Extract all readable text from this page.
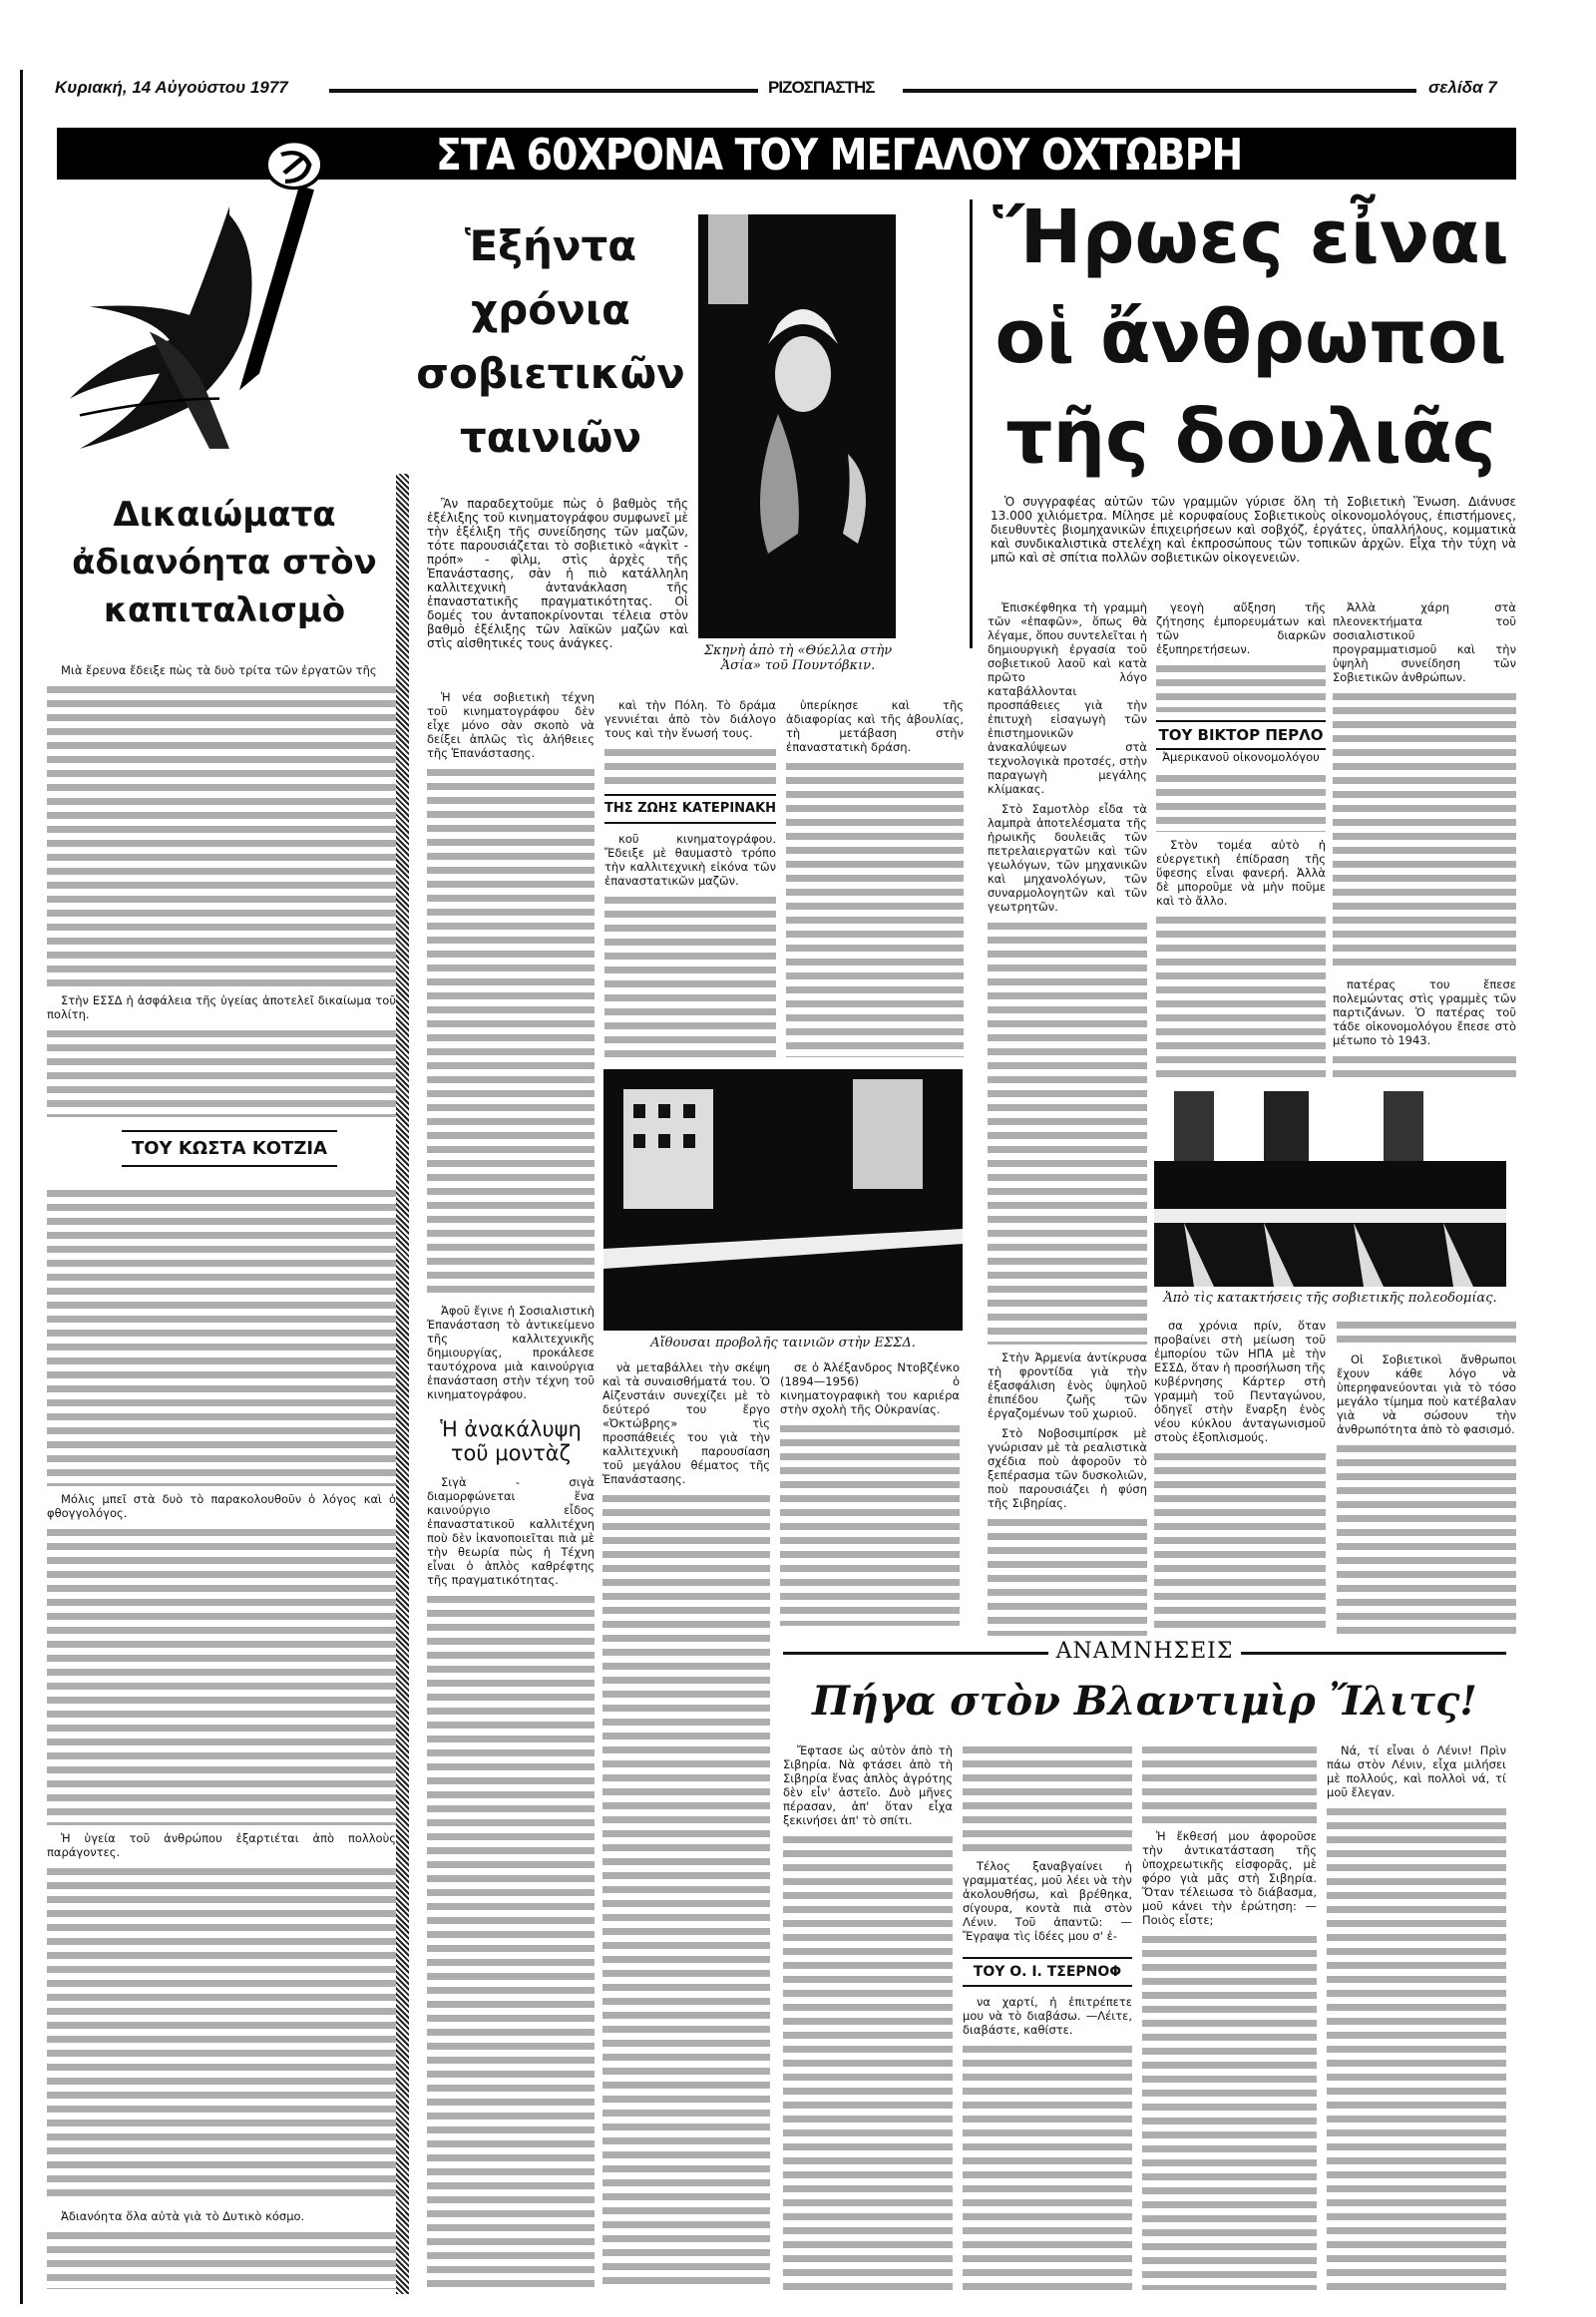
Κυριακή, 14 Αὐγούστου 1977	ΡΙΖΟΣΠΑΣΤΗΣ	σελίδα 7
ΣΤΑ 60ΧΡΟΝΑ ΤΟΥ ΜΕΓΑΛΟΥ ΟΧΤΩΒΡΗ
Δικαιώματα
ἀδιανόητα στὸν
καπιταλισμὸ

Μιὰ ἔρευνα ἔδειξε πὼς τὰ δυὸ τρίτα τῶν ἐργατῶν τῆς

Στὴν ΕΣΣΔ ἡ ἀσφάλεια τῆς ὑγείας ἀποτελεῖ δικαίωμα τοῦ πολίτη.

ΤΟΥ ΚΩΣΤΑ ΚΟΤΖΙΑ

Μόλις μπεῖ στὰ δυὸ τὸ παρακολουθοῦν ὁ λόγος καὶ ὁ φθογγολόγος.

Ἡ ὑγεία τοῦ ἀνθρώπου ἐξαρτιέται ἀπὸ πολλοὺς παράγοντες.

Ἀδιανόητα ὅλα αὐτὰ γιὰ τὸ Δυτικὸ κόσμο.

Ἑξήντα
χρόνια
σοβιετικῶν
ταινιῶν

Ἂν παραδεχτοῦμε πὼς ὁ βαθμὸς τῆς ἐξέλιξης τοῦ κινηματογράφου συμφωνεῖ μὲ τὴν ἐξέλιξη τῆς συνείδησης τῶν μαζῶν, τότε παρουσιάζεται τὸ σοβιετικὸ «ἀγκὶτ - πρόπ» - φὶλμ, στὶς ἀρχὲς τῆς Ἐπανάστασης, σὰν ἡ πιὸ κατάλληλη καλλιτεχνικὴ ἀντανάκλαση τῆς ἐπαναστατικῆς πραγματικότητας. Οἱ δομές του ἀνταποκρίνονται τέλεια στὸν βαθμὸ ἐξέλιξης τῶν λαϊκῶν μαζῶν καὶ στὶς αἰσθητικές τους ἀνάγκες.	Σκηνὴ ἀπὸ τὴ «Θύελλα στὴν Ἀσία» τοῦ Πουντόβκιν.

Ἡ νέα σοβιετικὴ τέχνη τοῦ κινηματογράφου δὲν εἶχε μόνο σὰν σκοπὸ νὰ δείξει ἁπλῶς τὶς ἀλήθειες τῆς Ἐπανάστασης.

Ἀφοῦ ἔγινε ἡ Σοσιαλιστικὴ Ἐπανάσταση τὸ ἀντικείμενο τῆς καλλιτεχνικῆς δημιουργίας, προκάλεσε ταυτόχρονα μιὰ καινούργια ἐπανάσταση στὴν τέχνη τοῦ κινηματογράφου.

Ἡ ἀνακάλυψη τοῦ μοντὰζ

Σιγὰ - σιγὰ διαμορφώνεται ἕνα καινούργιο εἶδος ἐπαναστατικοῦ καλλιτέχνη ποὺ δὲν ἱκανοποιεῖται πιὰ μὲ τὴν θεωρία πὼς ἡ Τέχνη εἶναι ὁ ἁπλὸς καθρέφτης τῆς πραγματικότητας.

καὶ τὴν Πόλη. Τὸ δράμα γεννιέται ἀπὸ τὸν διάλογο τους καὶ τὴν ἕνωσή τους.

ΤΗΣ ΖΩΗΣ ΚΑΤΕΡΙΝΑΚΗ

κοῦ κινηματογράφου. Ἔδειξε μὲ θαυμαστὸ τρόπο τὴν καλλιτεχνικὴ εἰκόνα τῶν ἐπαναστατικῶν μαζῶν.

ὑπερίκησε καὶ τῆς ἀδιαφορίας καὶ τῆς ἀβουλίας, τὴ μετάβαση στὴν ἐπαναστατικὴ δράση.

Αἴθουσαι προβολῆς ταινιῶν στὴν ΕΣΣΔ.

νὰ μεταβάλλει τὴν σκέψη καὶ τὰ συναισθήματά του. Ὁ Αἰζενστάιν συνεχίζει μὲ τὸ δεύτερό του ἔργο «Ὀκτώβρης» τὶς προσπάθειές του γιὰ τὴν καλλιτεχνικὴ παρουσίαση τοῦ μεγάλου θέματος τῆς Ἐπανάστασης.

σε ὁ Ἀλέξανδρος Ντοβζένκο (1894—1956) ὁ κινηματογραφικὴ του καριέρα στὴν σχολὴ τῆς Οὐκρανίας.

Ἥρωες εἶναι
οἱ ἄνθρωποι
τῆς δουλιᾶς

Ὁ συγγραφέας αὐτῶν τῶν γραμμῶν γύρισε ὅλη τὴ Σοβιετικὴ Ἕνωση. Διάνυσε 13.000 χιλιόμετρα. Μίλησε μὲ κορυφαίους Σοβιετικοὺς οἰκονομολόγους, ἐπιστήμονες, διευθυντὲς βιομηχανικῶν ἐπιχειρήσεων καὶ σοβχόζ, ἐργάτες, ὑπαλλήλους, κομματικὰ καὶ συνδικαλιστικὰ στελέχη καὶ ἐκπροσώπους τῶν τοπικῶν ἀρχῶν. Εἶχα τὴν τύχη νὰ μπῶ καὶ σὲ σπίτια πολλῶν σοβιετικῶν οἰκογενειῶν.

Ἐπισκέφθηκα τὴ γραμμὴ τῶν «ἐπαφῶν», ὅπως θὰ λέγαμε, ὅπου συντελεῖται ἡ δημιουργικὴ ἐργασία τοῦ σοβιετικοῦ λαοῦ καὶ κατὰ πρῶτο λόγο καταβάλλονται προσπάθειες γιὰ τὴν ἐπιτυχὴ εἰσαγωγὴ τῶν ἐπιστημονικῶν ἀνακαλύψεων στὰ τεχνολογικὰ προτσές, στὴν παραγωγὴ μεγάλης κλίμακας.

Στὸ Σαμοτλὸρ εἶδα τὰ λαμπρὰ ἀποτελέσματα τῆς ἡρωικῆς δουλειᾶς τῶν πετρελαιεργατῶν καὶ τῶν γεωλόγων, τῶν μηχανικῶν καὶ μηχανολόγων, τῶν συναρμολογητῶν καὶ τῶν γεωτρητῶν.

Στὴν Ἀρμενία ἀντίκρυσα τὴ φροντίδα γιὰ τὴν ἐξασφάλιση ἑνὸς ὑψηλοῦ ἐπιπέδου ζωῆς τῶν ἐργαζομένων τοῦ χωριοῦ.

Στὸ Νοβοσιμπίρσκ μὲ γνώρισαν μὲ τὰ ρεαλιστικὰ σχέδια ποὺ ἀφοροῦν τὸ ξεπέρασμα τῶν δυσκολιῶν, ποὺ παρουσιάζει ἡ φύση τῆς Σιβηρίας.

γεογὴ αὔξηση τῆς ζήτησης ἐμπορευμάτων καὶ τῶν διαρκῶν ἐξυπηρετήσεων.

ΤΟΥ ΒΙΚΤΟΡ ΠΕΡΛΟ
Ἀμερικανοῦ οἰκονομολόγου

Στὸν τομέα αὐτὸ ἡ εὐεργετικὴ ἐπίδραση τῆς ὕφεσης εἶναι φανερή. Ἀλλὰ δὲ μποροῦμε νὰ μὴν ποῦμε καὶ τὸ ἄλλο.

Ἀλλὰ χάρη στὰ πλεονεκτήματα τοῦ σοσιαλιστικοῦ προγραμματισμοῦ καὶ τὴν ὑψηλὴ συνείδηση τῶν Σοβιετικῶν ἀνθρώπων.

πατέρας του ἔπεσε πολεμώντας στὶς γραμμὲς τῶν παρτιζάνων. Ὁ πατέρας τοῦ τάδε οἰκονομολόγου ἔπεσε στὸ μέτωπο τὸ 1943.

Ἀπὸ τὶς κατακτήσεις τῆς σοβιετικῆς πολεοδομίας.

σα χρόνια πρίν, ὅταν προβαίνει στὴ μείωση τοῦ ἐμπορίου τῶν ΗΠΑ μὲ τὴν ΕΣΣΔ, ὅταν ἡ προσήλωση τῆς κυβέρνησης Κάρτερ στὴ γραμμὴ τοῦ Πενταγώνου, ὁδηγεῖ στὴν ἔναρξη ἑνὸς νέου κύκλου ἀνταγωνισμοῦ στοὺς ἐξοπλισμούς.

Οἱ Σοβιετικοὶ ἄνθρωποι ἔχουν κάθε λόγο νὰ ὑπερηφανεύονται γιὰ τὸ τόσο μεγάλο τίμημα ποὺ κατέβαλαν γιὰ νὰ σώσουν τὴν ἀνθρωπότητα ἀπὸ τὸ φασισμό.

ΑΝΑΜΝΗΣΕΙΣ
Πήγα στὸν Βλαντιμὶρ Ἴλιτς!

Ἔφτασε ὡς αὐτὸν ἀπὸ τὴ Σιβηρία. Νὰ φτάσει ἀπὸ τὴ Σιβηρία ἕνας ἁπλὸς ἀγρότης δὲν εἶν' ἀστεῖο. Δυὸ μῆνες πέρασαν, ἀπ' ὅταν εἶχα ξεκινήσει ἀπ' τὸ σπίτι.

Τέλος ξαναβγαίνει ἡ γραμματέας, μοῦ λέει νὰ τὴν ἀκολουθήσω, καὶ βρέθηκα, σίγουρα, κοντὰ πιὰ στὸν Λένιν. Τοῦ ἀπαντῶ: —Ἔγραψα τὶς ἰδέες μου σ' ἐ-

ΤΟΥ Ο. Ι. ΤΣΕΡΝΟΦ

να χαρτί, ἡ ἐπιτρέπετε μου νὰ τὸ διαβάσω. —Λέιτε, διαβάστε, καθίστε.

Ἡ ἔκθεσή μου ἀφοροῦσε τὴν ἀντικατάσταση τῆς ὑποχρεωτικῆς εἰσφορᾶς, μὲ φόρο γιὰ μᾶς στὴ Σιβηρία. Ὅταν τέλειωσα τὸ διάβασμα, μοῦ κάνει τὴν ἐρώτηση: —Ποιὸς εἶστε;

Νά, τί εἶναι ὁ Λένιν! Πρὶν πάω στὸν Λένιν, εἶχα μιλήσει μὲ πολλούς, καὶ πολλοὶ νά, τί μοῦ ἔλεγαν.
